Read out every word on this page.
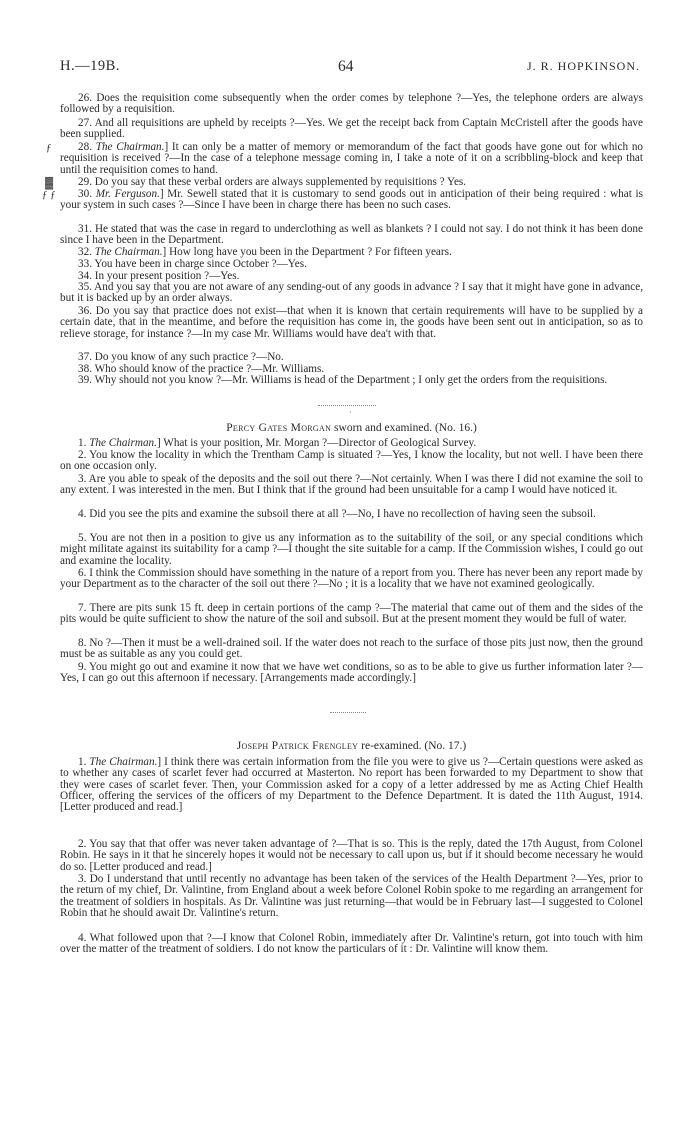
H.—19B.	64	J. R. HOPKINSON.
26. Does the requisition come subsequently when the order comes by telephone ?—Yes, the telephone orders are always followed by a requisition.
27. And all requisitions are upheld by receipts ?—Yes. We get the receipt back from Captain McCristell after the goods have been supplied.
ƒ	28. The Chairman.] It can only be a matter of memory or memorandum of the fact that goods have gone out for which no requisition is received ?—In the case of a telephone message coming in, I take a note of it on a scribbling-block and keep that until the requisition comes to hand.
▓	29. Do you say that these verbal orders are always supplemented by requisitions ? Yes.
ƒ ƒ	30. Mr. Ferguson.] Mr. Sewell stated that it is customary to send goods out in anticipation of their being required : what is your system in such cases ?—Since I have been in charge there has been no such cases.
31. He stated that was the case in regard to underclothing as well as blankets ? I could not say. I do not think it has been done since I have been in the Department.
32. The Chairman.] How long have you been in the Department ? For fifteen years.
33. You have been in charge since October ?—Yes.
34. In your present position ?—Yes.
35. And you say that you are not aware of any sending-out of any goods in advance ? I say that it might have gone in advance, but it is backed up by an order always.
36. Do you say that practice does not exist—that when it is known that certain requirements will have to be supplied by a certain date, that in the meantime, and before the requisition has come in, the goods have been sent out in anticipation, so as to relieve storage, for instance ?—In my case Mr. Williams would have dea't with that.
37. Do you know of any such practice ?—No.
38. Who should know of the practice ?—Mr. Williams.
39. Why should not you know ?—Mr. Williams is head of the Department ; I only get the orders from the requisitions.
·
Percy Gates Morgan sworn and examined. (No. 16.)
1. The Chairman.] What is your position, Mr. Morgan ?—Director of Geological Survey.
2. You know the locality in which the Trentham Camp is situated ?—Yes, I know the locality, but not well. I have been there on one occasion only.
3. Are you able to speak of the deposits and the soil out there ?—Not certainly. When I was there I did not examine the soil to any extent. I was interested in the men. But I think that if the ground had been unsuitable for a camp I would have noticed it.
4. Did you see the pits and examine the subsoil there at all ?—No, I have no recollection of having seen the subsoil.
5. You are not then in a position to give us any information as to the suitability of the soil, or any special conditions which might militate against its suitability for a camp ?—I thought the site suitable for a camp. If the Commission wishes, I could go out and examine the locality.
6. I think the Commission should have something in the nature of a report from you. There has never been any report made by your Department as to the character of the soil out there ?—No ; it is a locality that we have not examined geologically.
7. There are pits sunk 15 ft. deep in certain portions of the camp ?—The material that came out of them and the sides of the pits would be quite sufficient to show the nature of the soil and subsoil. But at the present moment they would be full of water.
8. No ?—Then it must be a well-drained soil. If the water does not reach to the surface of those pits just now, then the ground must be as suitable as any you could get.
9. You might go out and examine it now that we have wet conditions, so as to be able to give us further information later ?—Yes, I can go out this afternoon if necessary. [Arrangements made accordingly.]
Joseph Patrick Frengley re-examined. (No. 17.)
1. The Chairman.] I think there was certain information from the file you were to give us ?—Certain questions were asked as to whether any cases of scarlet fever had occurred at Masterton. No report has been forwarded to my Department to show that they were cases of scarlet fever. Then, your Commission asked for a copy of a letter addressed by me as Acting Chief Health Officer, offering the services of the officers of my Department to the Defence Department. It is dated the 11th August, 1914. [Letter produced and read.]
2. You say that that offer was never taken advantage of ?—That is so. This is the reply, dated the 17th August, from Colonel Robin. He says in it that he sincerely hopes it would not be necessary to call upon us, but if it should become necessary he would do so. [Letter produced and read.]
3. Do I understand that until recently no advantage has been taken of the services of the Health Department ?—Yes, prior to the return of my chief, Dr. Valintine, from England about a week before Colonel Robin spoke to me regarding an arrangement for the treatment of soldiers in hospitals. As Dr. Valintine was just returning—that would be in February last—I suggested to Colonel Robin that he should await Dr. Valintine's return.
4. What followed upon that ?—I know that Colonel Robin, immediately after Dr. Valintine's return, got into touch with him over the matter of the treatment of soldiers. I do not know the particulars of it : Dr. Valintine will know them.
